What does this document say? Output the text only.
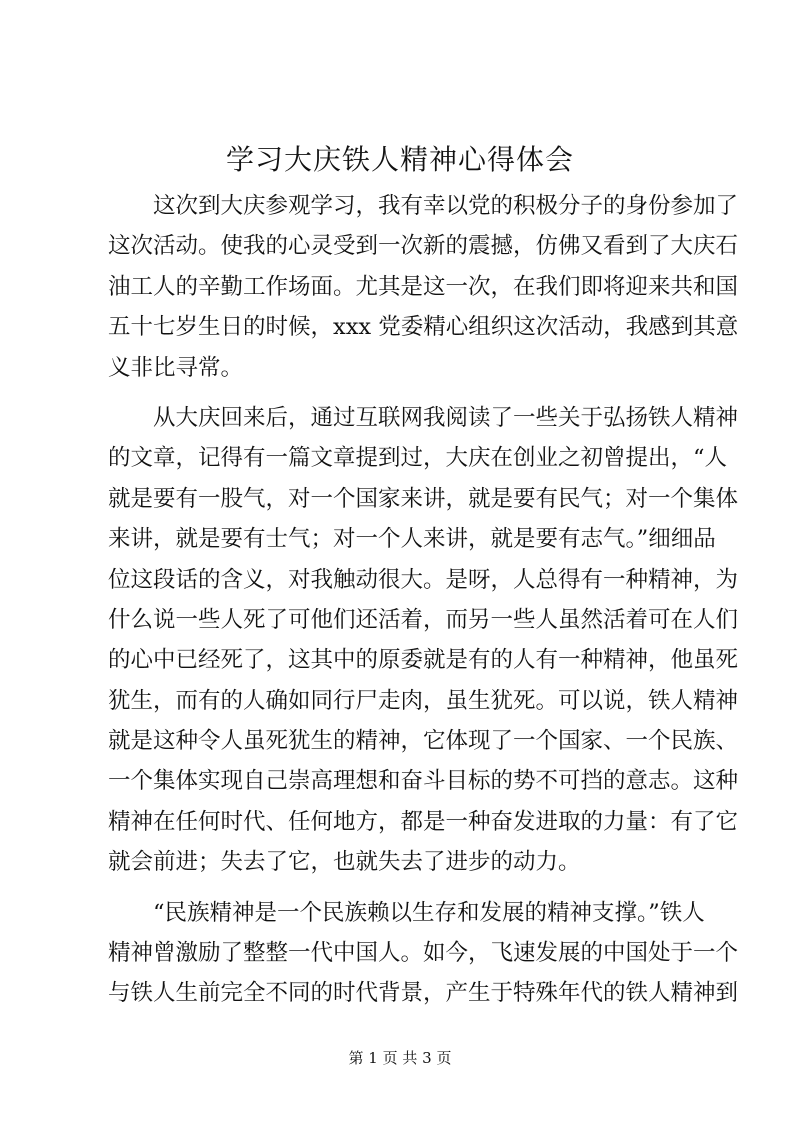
学习大庆铁人精神心得体会
这次到大庆参观学习，我有幸以党的积极分子的身份参加了
这次活动。使我的心灵受到一次新的震撼，仿佛又看到了大庆石
油工人的辛勤工作场面。尤其是这一次，在我们即将迎来共和国
五十七岁生日的时候，xxx 党委精心组织这次活动，我感到其意
义非比寻常。
从大庆回来后，通过互联网我阅读了一些关于弘扬铁人精神
的文章，记得有一篇文章提到过，大庆在创业之初曾提出，“人
就是要有一股气，对一个国家来讲，就是要有民气；对一个集体
来讲，就是要有士气；对一个人来讲，就是要有志气。”细细品
位这段话的含义，对我触动很大。是呀，人总得有一种精神，为
什么说一些人死了可他们还活着，而另一些人虽然活着可在人们
的心中已经死了，这其中的原委就是有的人有一种精神，他虽死
犹生，而有的人确如同行尸走肉，虽生犹死。可以说，铁人精神
就是这种令人虽死犹生的精神，它体现了一个国家、一个民族、
一个集体实现自己崇高理想和奋斗目标的势不可挡的意志。这种
精神在任何时代、任何地方，都是一种奋发进取的力量：有了它
就会前进；失去了它，也就失去了进步的动力。
“民族精神是一个民族赖以生存和发展的精神支撑。”铁人
精神曾激励了整整一代中国人。如今，飞速发展的中国处于一个
与铁人生前完全不同的时代背景，产生于特殊年代的铁人精神到
第 1 页 共 3 页
